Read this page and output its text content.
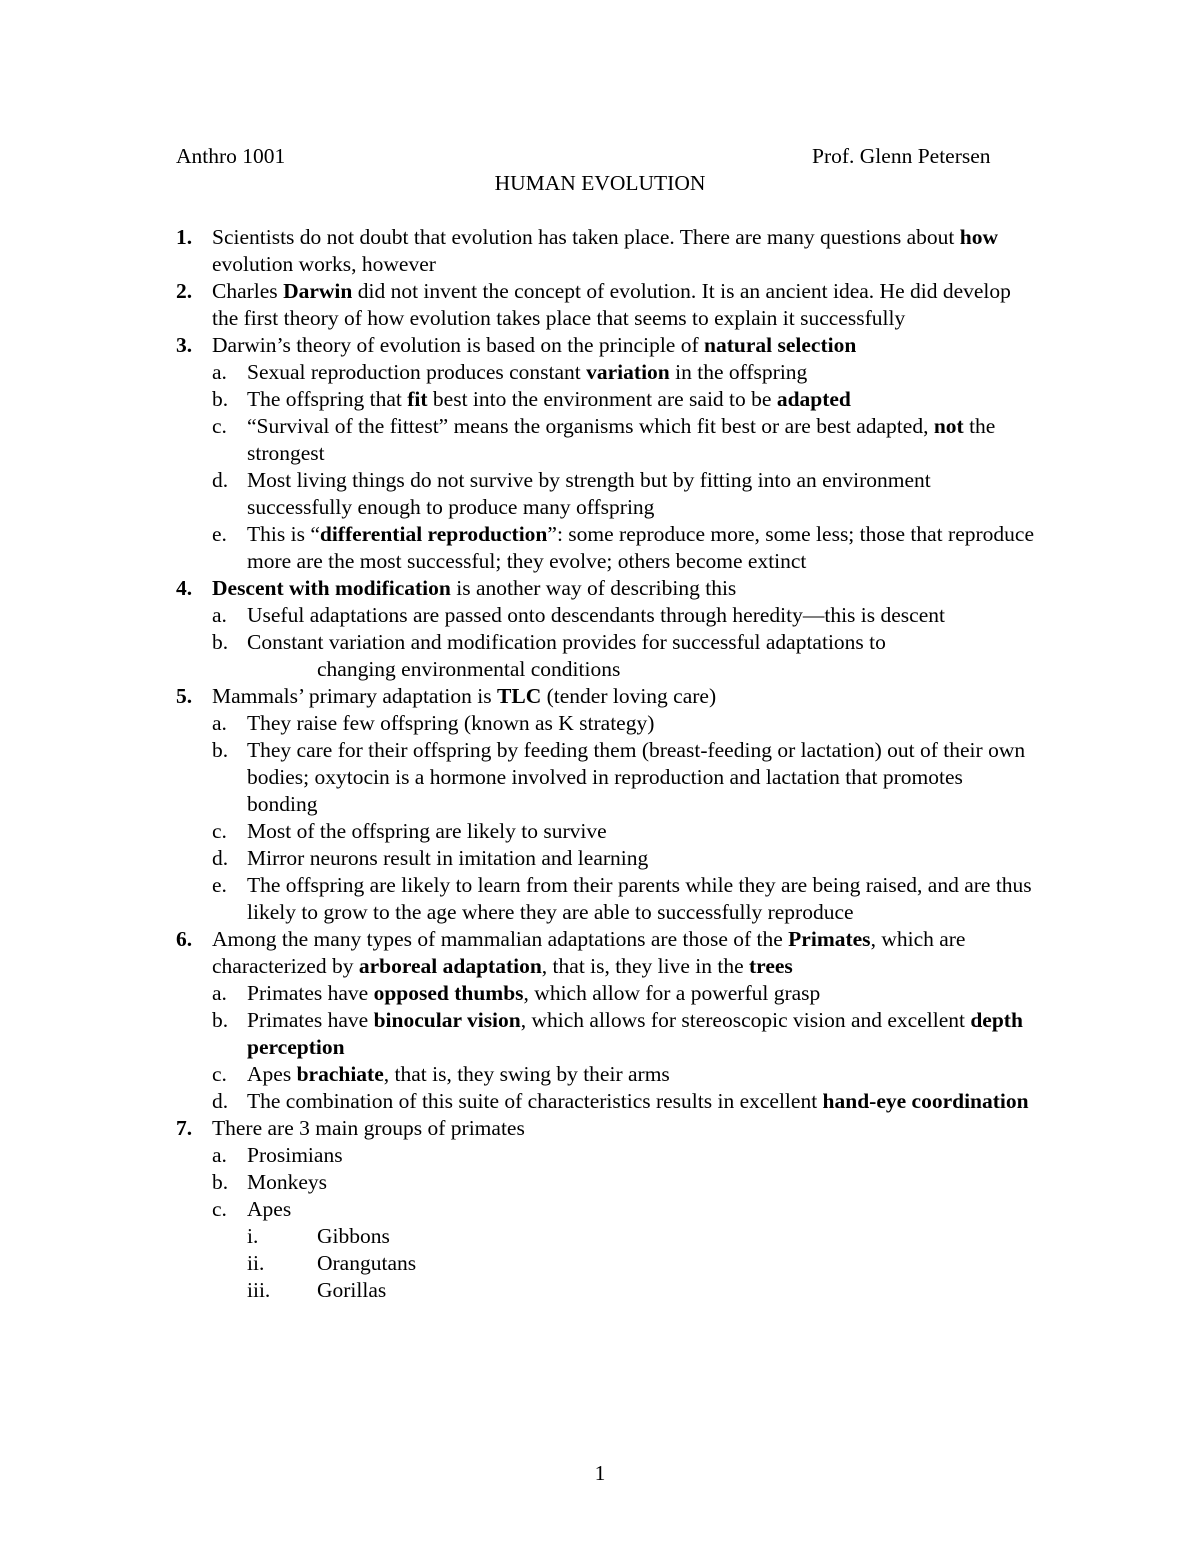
Anthro 1001	Prof. Glenn Petersen
HUMAN EVOLUTION
1. Scientists do not doubt that evolution has taken place. There are many questions about how evolution works, however
2. Charles Darwin did not invent the concept of evolution. It is an ancient idea. He did develop the first theory of how evolution takes place that seems to explain it successfully
3. Darwin’s theory of evolution is based on the principle of natural selection
a. Sexual reproduction produces constant variation in the offspring
b. The offspring that fit best into the environment are said to be adapted
c. “Survival of the fittest” means the organisms which fit best or are best adapted, not the strongest
d. Most living things do not survive by strength but by fitting into an environment successfully enough to produce many offspring
e. This is “differential reproduction”: some reproduce more, some less; those that reproduce more are the most successful; they evolve; others become extinct
4. Descent with modification is another way of describing this
a. Useful adaptations are passed onto descendants through heredity—this is descent
b. Constant variation and modification provides for successful adaptations to
changing environmental conditions
5. Mammals’ primary adaptation is TLC (tender loving care)
a. They raise few offspring (known as K strategy)
b. They care for their offspring by feeding them (breast-feeding or lactation) out of their own bodies; oxytocin is a hormone involved in reproduction and lactation that promotes bonding
c. Most of the offspring are likely to survive
d. Mirror neurons result in imitation and learning
e. The offspring are likely to learn from their parents while they are being raised, and are thus likely to grow to the age where they are able to successfully reproduce
6. Among the many types of mammalian adaptations are those of the Primates, which are characterized by arboreal adaptation, that is, they live in the trees
a. Primates have opposed thumbs, which allow for a powerful grasp
b. Primates have binocular vision, which allows for stereoscopic vision and excellent depth perception
c. Apes brachiate, that is, they swing by their arms
d. The combination of this suite of characteristics results in excellent hand-eye coordination
7. There are 3 main groups of primates
a. Prosimians
b. Monkeys
c. Apes
i.	Gibbons
ii. Orangutans
iii. Gorillas
1
